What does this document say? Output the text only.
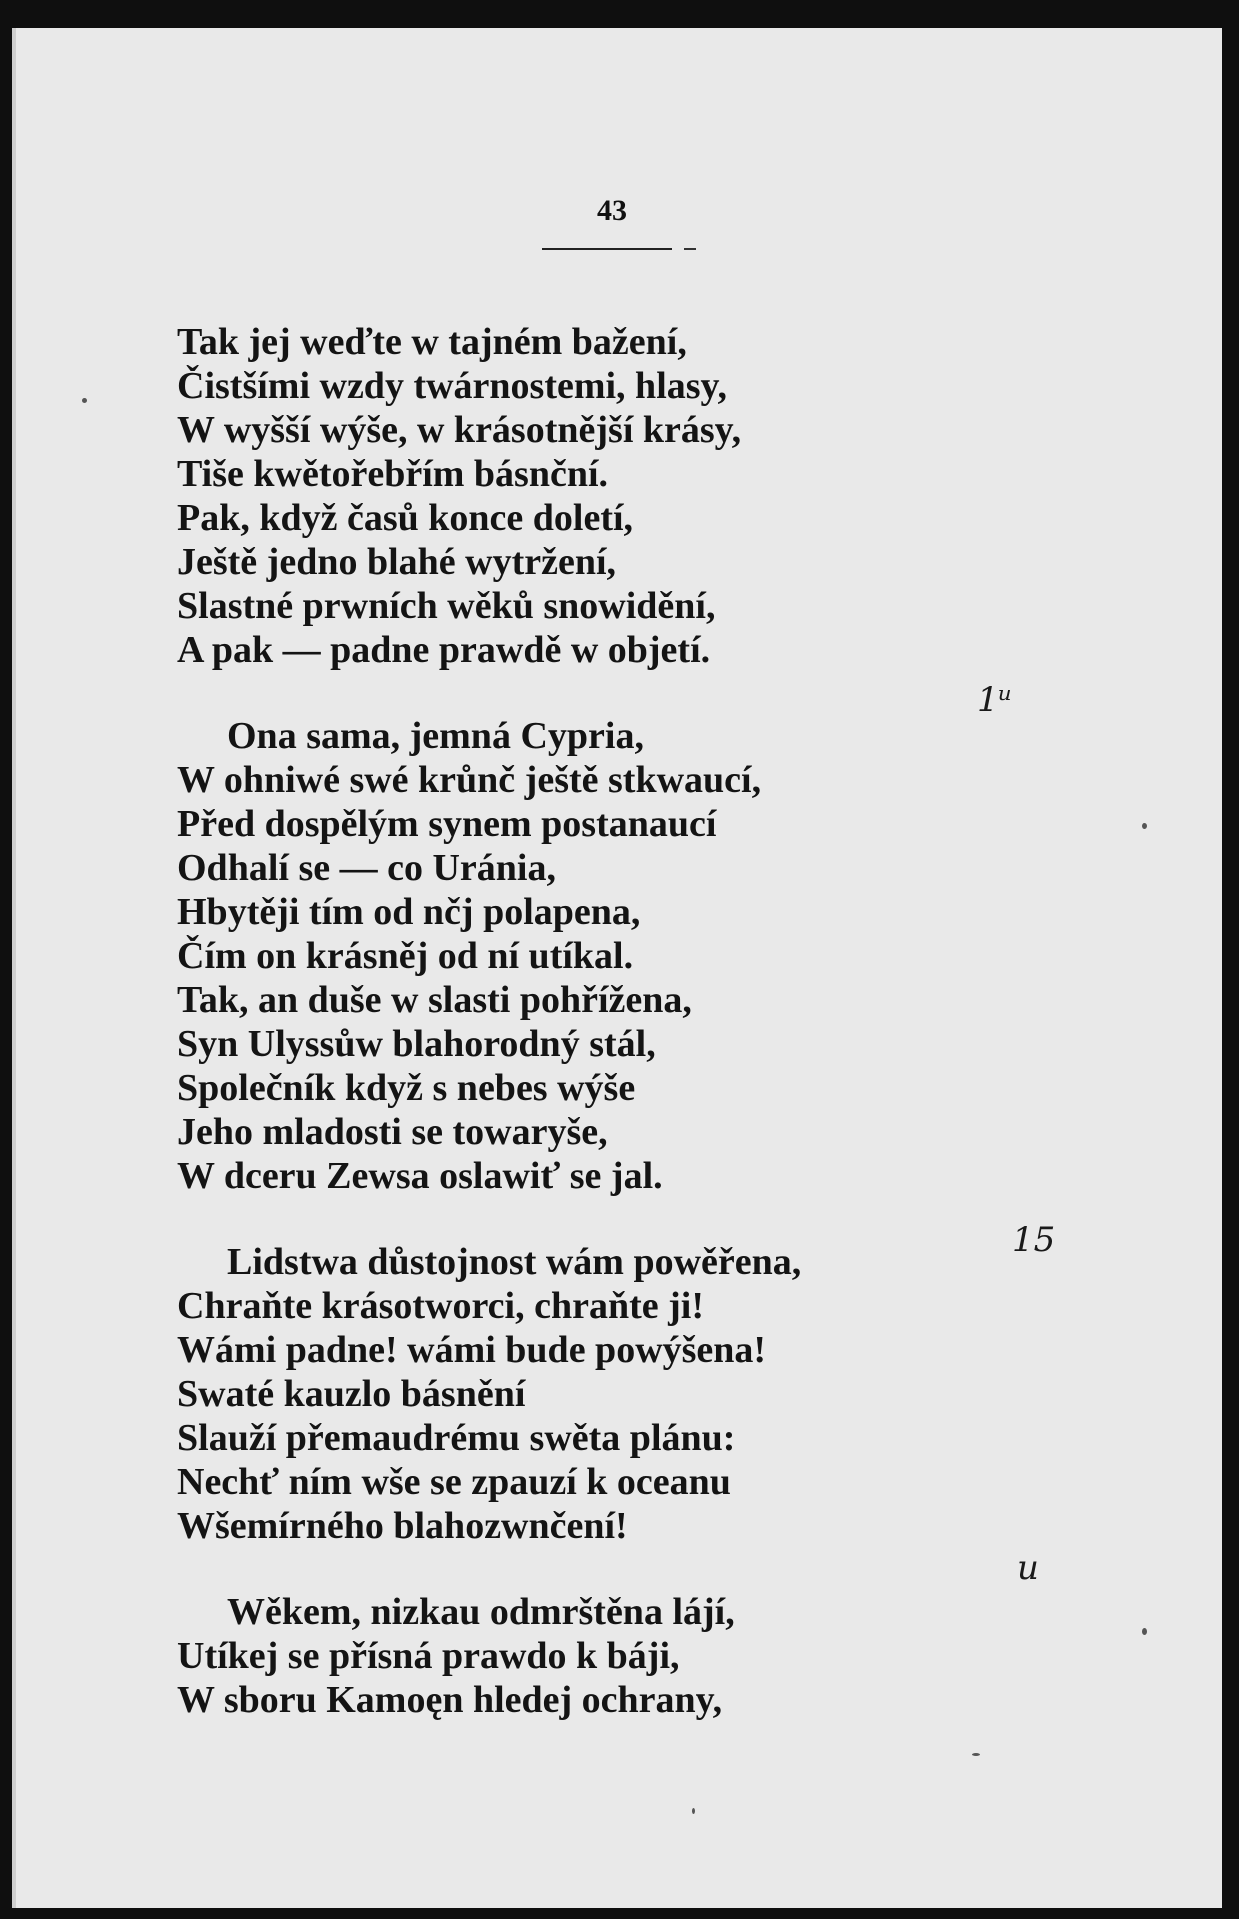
43
Tak jej weďte w tajném bažení,
Čistšími wzdy twárnostemi, hlasy,
W wyšší wýše, w krásotnější krásy,
Tiše kwětořebřím básnční.
Pak, když časů konce doletí,
Ještě jedno blahé wytržení,
Slastné prwních wěků snowidění,
A pak — padne prawdě w objetí.
Ona sama, jemná Cypria,
W ohniwé swé krůnč ještě stkwaucí,
Před dospělým synem postanaucí
Odhalí se — co Uránia,
Hbytěji tím od nčj polapena,
Čím on krásněj od ní utíkal.
Tak, an duše w slasti pohřížena,
Syn Ulyssůw blahorodný stál,
Společník když s nebes wýše
Jeho mladosti se towaryše,
W dceru Zewsa oslawiť se jal.
Lidstwa důstojnost wám powěřena,
Chraňte krásotworci, chraňte ji!
Wámi padne! wámi bude powýšena!
Swaté kauzlo básnění
Slauží přemaudrému swěta plánu:
Nechť ním wše se zpauzí k oceanu
Wšemírného blahozwnčení!
Wěkem, nizkau odmrštěna lájí,
Utíkej se přísná prawdo k báji,
W sboru Kamoęn hledej ochrany,
1ᵘ
15
u
